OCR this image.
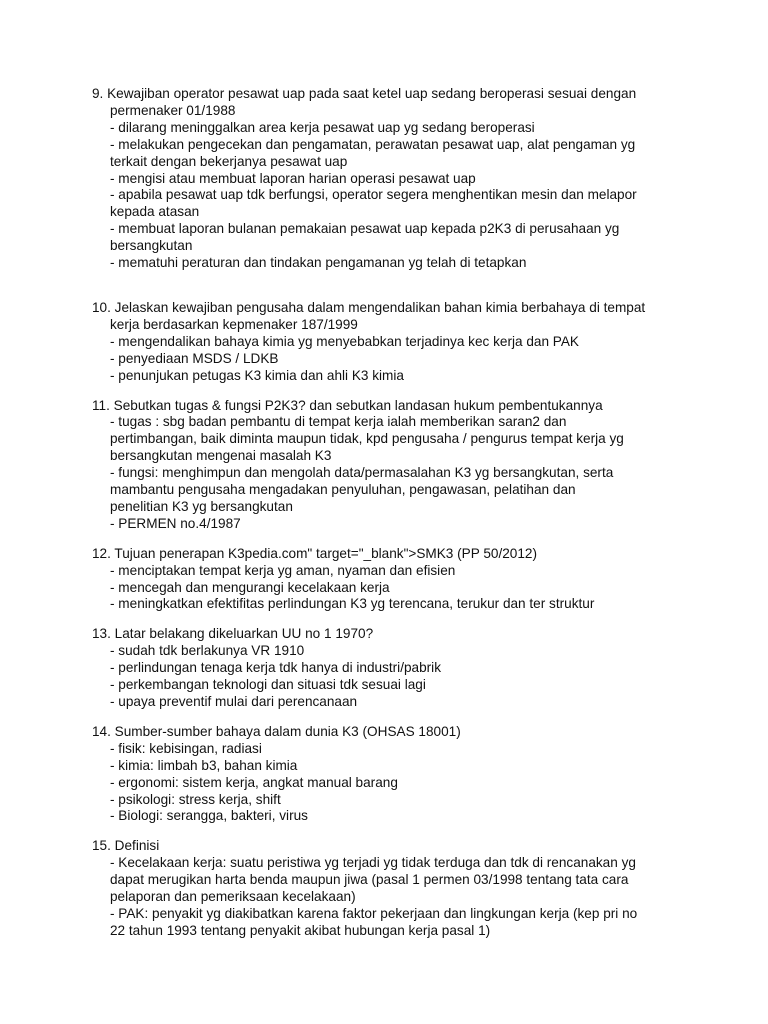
9. Kewajiban operator pesawat uap pada saat ketel uap sedang beroperasi sesuai dengan
permenaker 01/1988
- dilarang meninggalkan area kerja pesawat uap yg sedang beroperasi
- melakukan pengecekan dan pengamatan, perawatan pesawat uap, alat pengaman yg
terkait dengan bekerjanya pesawat uap
- mengisi atau membuat laporan harian operasi pesawat uap
- apabila pesawat uap tdk berfungsi, operator segera menghentikan mesin dan melapor
kepada atasan
- membuat laporan bulanan pemakaian pesawat uap kepada p2K3 di perusahaan yg
bersangkutan
- mematuhi peraturan dan tindakan pengamanan yg telah di tetapkan
10. Jelaskan kewajiban pengusaha dalam mengendalikan bahan kimia berbahaya di tempat
kerja berdasarkan kepmenaker 187/1999
- mengendalikan bahaya kimia yg menyebabkan terjadinya kec kerja dan PAK
- penyediaan MSDS / LDKB
- penunjukan petugas K3 kimia dan ahli K3 kimia
11. Sebutkan tugas & fungsi P2K3? dan sebutkan landasan hukum pembentukannya
- tugas : sbg badan pembantu di tempat kerja ialah memberikan saran2 dan
pertimbangan, baik diminta maupun tidak, kpd pengusaha / pengurus tempat kerja yg
bersangkutan mengenai masalah K3
- fungsi: menghimpun dan mengolah data/permasalahan K3 yg bersangkutan, serta
mambantu pengusaha mengadakan penyuluhan, pengawasan, pelatihan dan
penelitian K3 yg bersangkutan
- PERMEN no.4/1987
12. Tujuan penerapan K3pedia.com" target="_blank">SMK3 (PP 50/2012)
- menciptakan tempat kerja yg aman, nyaman dan efisien
- mencegah dan mengurangi kecelakaan kerja
- meningkatkan efektifitas perlindungan K3 yg terencana, terukur dan ter struktur
13. Latar belakang dikeluarkan UU no 1 1970?
- sudah tdk berlakunya VR 1910
- perlindungan tenaga kerja tdk hanya di industri/pabrik
- perkembangan teknologi dan situasi tdk sesuai lagi
- upaya preventif mulai dari perencanaan
14. Sumber-sumber bahaya dalam dunia K3 (OHSAS 18001)
- fisik: kebisingan, radiasi
- kimia: limbah b3, bahan kimia
- ergonomi: sistem kerja, angkat manual barang
- psikologi: stress kerja, shift
- Biologi: serangga, bakteri, virus
15. Definisi
- Kecelakaan kerja: suatu peristiwa yg terjadi yg tidak terduga dan tdk di rencanakan yg
dapat merugikan harta benda maupun jiwa (pasal 1 permen 03/1998 tentang tata cara
pelaporan dan pemeriksaan kecelakaan)
- PAK: penyakit yg diakibatkan karena faktor pekerjaan dan lingkungan kerja (kep pri no
22 tahun 1993 tentang penyakit akibat hubungan kerja pasal 1)
